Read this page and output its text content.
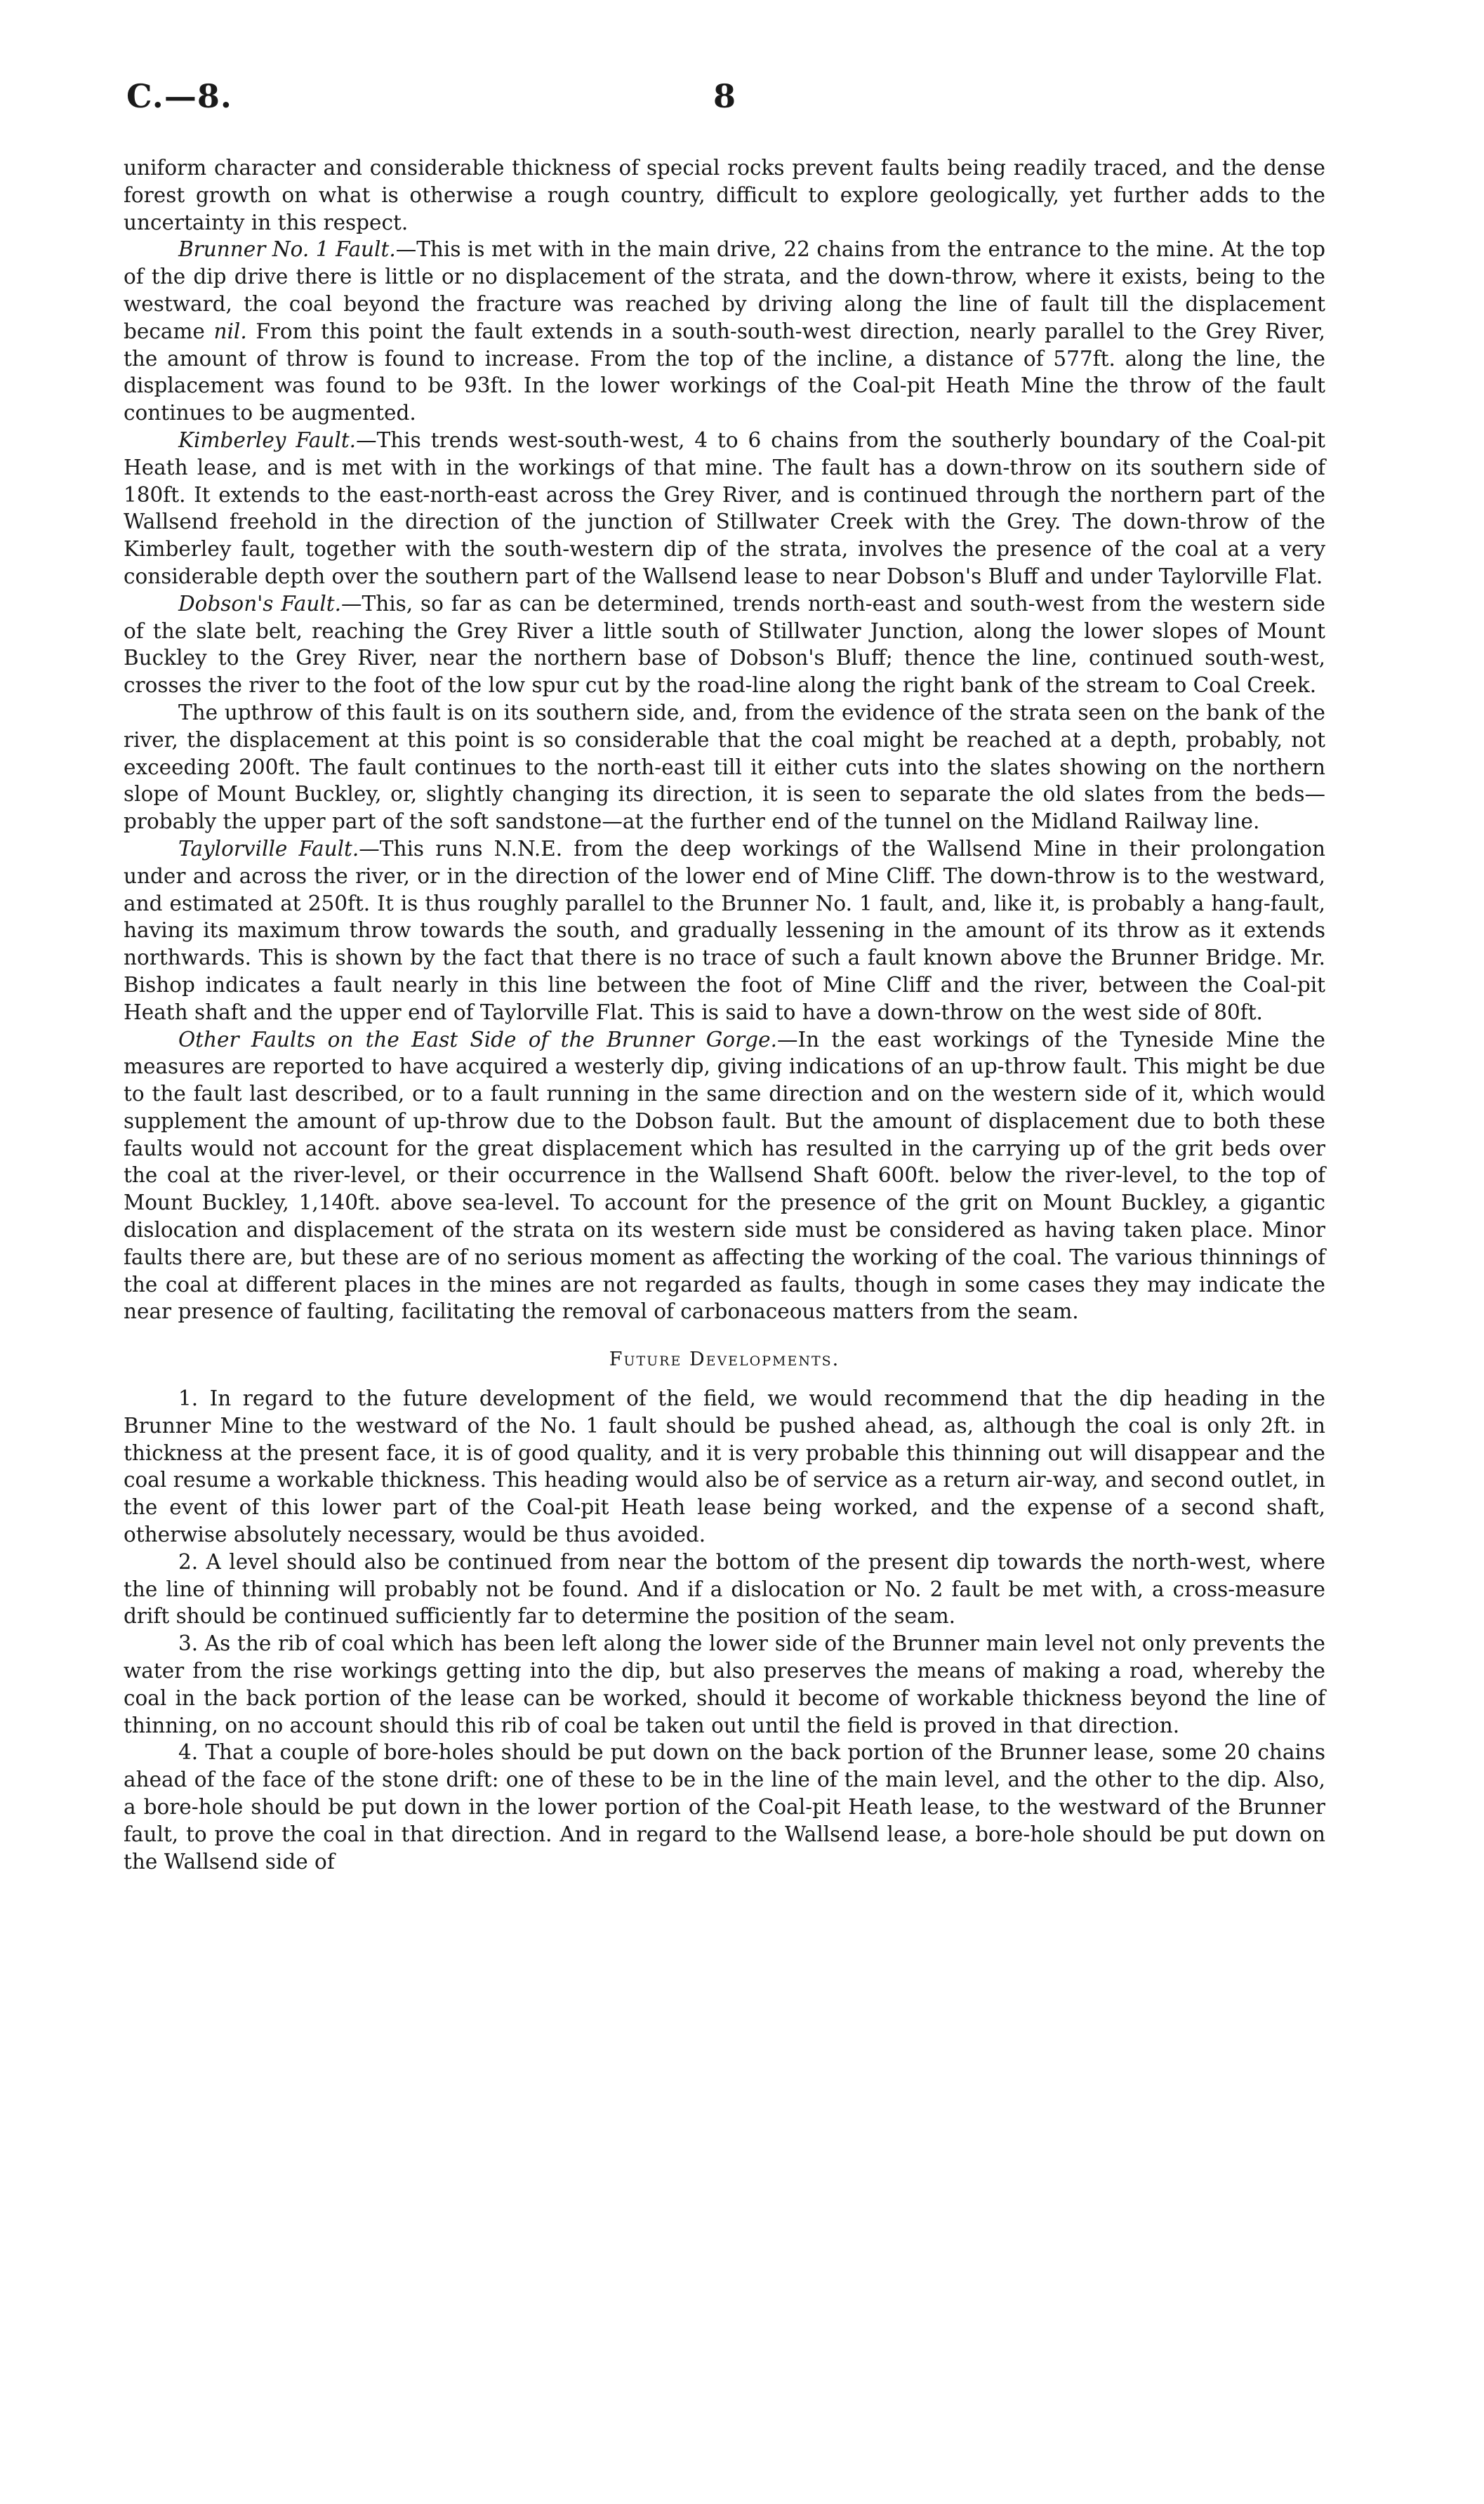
C.—8.	8

uniform character and considerable thickness of special rocks prevent faults being readily traced, and the dense forest growth on what is otherwise a rough country, difficult to explore geologically, yet further adds to the uncertainty in this respect.

Brunner No. 1 Fault.—This is met with in the main drive, 22 chains from the entrance to the mine. At the top of the dip drive there is little or no displacement of the strata, and the down-throw, where it exists, being to the westward, the coal beyond the fracture was reached by driving along the line of fault till the displacement became nil. From this point the fault extends in a south-south-west direction, nearly parallel to the Grey River, the amount of throw is found to increase. From the top of the incline, a distance of 577ft. along the line, the displacement was found to be 93ft. In the lower workings of the Coal-pit Heath Mine the throw of the fault continues to be augmented.

Kimberley Fault.—This trends west-south-west, 4 to 6 chains from the southerly boundary of the Coal-pit Heath lease, and is met with in the workings of that mine. The fault has a down-throw on its southern side of 180ft. It extends to the east-north-east across the Grey River, and is continued through the northern part of the Wallsend freehold in the direction of the junction of Stillwater Creek with the Grey. The down-throw of the Kimberley fault, together with the south-western dip of the strata, involves the presence of the coal at a very considerable depth over the southern part of the Wallsend lease to near Dobson's Bluff and under Taylorville Flat.

Dobson's Fault.—This, so far as can be determined, trends north-east and south-west from the western side of the slate belt, reaching the Grey River a little south of Stillwater Junction, along the lower slopes of Mount Buckley to the Grey River, near the northern base of Dobson's Bluff; thence the line, continued south-west, crosses the river to the foot of the low spur cut by the road-line along the right bank of the stream to Coal Creek.

The upthrow of this fault is on its southern side, and, from the evidence of the strata seen on the bank of the river, the displacement at this point is so considerable that the coal might be reached at a depth, probably, not exceeding 200ft. The fault continues to the north-east till it either cuts into the slates showing on the northern slope of Mount Buckley, or, slightly changing its direction, it is seen to separate the old slates from the beds—probably the upper part of the soft sandstone—at the further end of the tunnel on the Midland Railway line.

Taylorville Fault.—This runs N.N.E. from the deep workings of the Wallsend Mine in their prolongation under and across the river, or in the direction of the lower end of Mine Cliff. The down-throw is to the westward, and estimated at 250ft. It is thus roughly parallel to the Brunner No. 1 fault, and, like it, is probably a hang-fault, having its maximum throw towards the south, and gradually lessening in the amount of its throw as it extends northwards. This is shown by the fact that there is no trace of such a fault known above the Brunner Bridge. Mr. Bishop indicates a fault nearly in this line between the foot of Mine Cliff and the river, between the Coal-pit Heath shaft and the upper end of Taylorville Flat. This is said to have a down-throw on the west side of 80ft.

Other Faults on the East Side of the Brunner Gorge.—In the east workings of the Tyneside Mine the measures are reported to have acquired a westerly dip, giving indications of an up-throw fault. This might be due to the fault last described, or to a fault running in the same direction and on the western side of it, which would supplement the amount of up-throw due to the Dobson fault. But the amount of displacement due to both these faults would not account for the great displacement which has resulted in the carrying up of the grit beds over the coal at the river-level, or their occurrence in the Wallsend Shaft 600ft. below the river-level, to the top of Mount Buckley, 1,140ft. above sea-level. To account for the presence of the grit on Mount Buckley, a gigantic dislocation and displacement of the strata on its western side must be considered as having taken place. Minor faults there are, but these are of no serious moment as affecting the working of the coal. The various thinnings of the coal at different places in the mines are not regarded as faults, though in some cases they may indicate the near presence of faulting, facilitating the removal of carbonaceous matters from the seam.

Future Developments.

1. In regard to the future development of the field, we would recommend that the dip heading in the Brunner Mine to the westward of the No. 1 fault should be pushed ahead, as, although the coal is only 2ft. in thickness at the present face, it is of good quality, and it is very probable this thinning out will disappear and the coal resume a workable thickness. This heading would also be of service as a return air-way, and second outlet, in the event of this lower part of the Coal-pit Heath lease being worked, and the expense of a second shaft, otherwise absolutely necessary, would be thus avoided.

2. A level should also be continued from near the bottom of the present dip towards the north-west, where the line of thinning will probably not be found. And if a dislocation or No. 2 fault be met with, a cross-measure drift should be continued sufficiently far to determine the position of the seam.

3. As the rib of coal which has been left along the lower side of the Brunner main level not only prevents the water from the rise workings getting into the dip, but also preserves the means of making a road, whereby the coal in the back portion of the lease can be worked, should it become of workable thickness beyond the line of thinning, on no account should this rib of coal be taken out until the field is proved in that direction.

4. That a couple of bore-holes should be put down on the back portion of the Brunner lease, some 20 chains ahead of the face of the stone drift: one of these to be in the line of the main level, and the other to the dip. Also, a bore-hole should be put down in the lower portion of the Coal-pit Heath lease, to the westward of the Brunner fault, to prove the coal in that direction. And in regard to the Wallsend lease, a bore-hole should be put down on the Wallsend side of
